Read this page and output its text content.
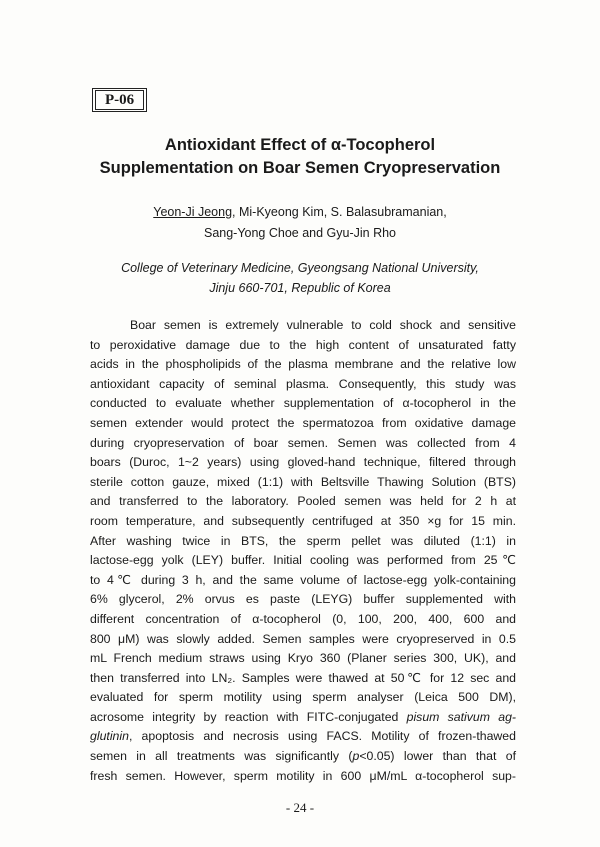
P-06
Antioxidant Effect of α-Tocopherol
Supplementation on Boar Semen Cryopreservation
Yeon-Ji Jeong, Mi-Kyeong Kim, S. Balasubramanian,
Sang-Yong Choe and Gyu-Jin Rho
College of Veterinary Medicine, Gyeongsang National University,
Jinju 660-701, Republic of Korea
Boar semen is extremely vulnerable to cold shock and sensitive
to peroxidative damage due to the high content of unsaturated fatty
acids in the phospholipids of the plasma membrane and the relative low
antioxidant capacity of seminal plasma. Consequently, this study was
conducted to evaluate whether supplementation of α-tocopherol in the
semen extender would protect the spermatozoa from oxidative damage
during cryopreservation of boar semen. Semen was collected from 4
boars (Duroc, 1~2 years) using gloved-hand technique, filtered through
sterile cotton gauze, mixed (1:1) with Beltsville Thawing Solution (BTS)
and transferred to the laboratory. Pooled semen was held for 2 h at
room temperature, and subsequently centrifuged at 350 ×g for 15 min.
After washing twice in BTS, the sperm pellet was diluted (1:1) in
lactose-egg yolk (LEY) buffer. Initial cooling was performed from 25℃
to 4℃ during 3 h, and the same volume of lactose-egg yolk-containing
6% glycerol, 2% orvus es paste (LEYG) buffer supplemented with
different concentration of α-tocopherol (0, 100, 200, 400, 600 and
800 μM) was slowly added. Semen samples were cryopreserved in 0.5
mL French medium straws using Kryo 360 (Planer series 300, UK), and
then transferred into LN₂. Samples were thawed at 50℃ for 12 sec and
evaluated for sperm motility using sperm analyser (Leica 500 DM),
acrosome integrity by reaction with FITC-conjugated pisum sativum ag-
glutinin, apoptosis and necrosis using FACS. Motility of frozen-thawed
semen in all treatments was significantly (p<0.05) lower than that of
fresh semen. However, sperm motility in 600 μM/mL α-tocopherol sup-
- 24 -
